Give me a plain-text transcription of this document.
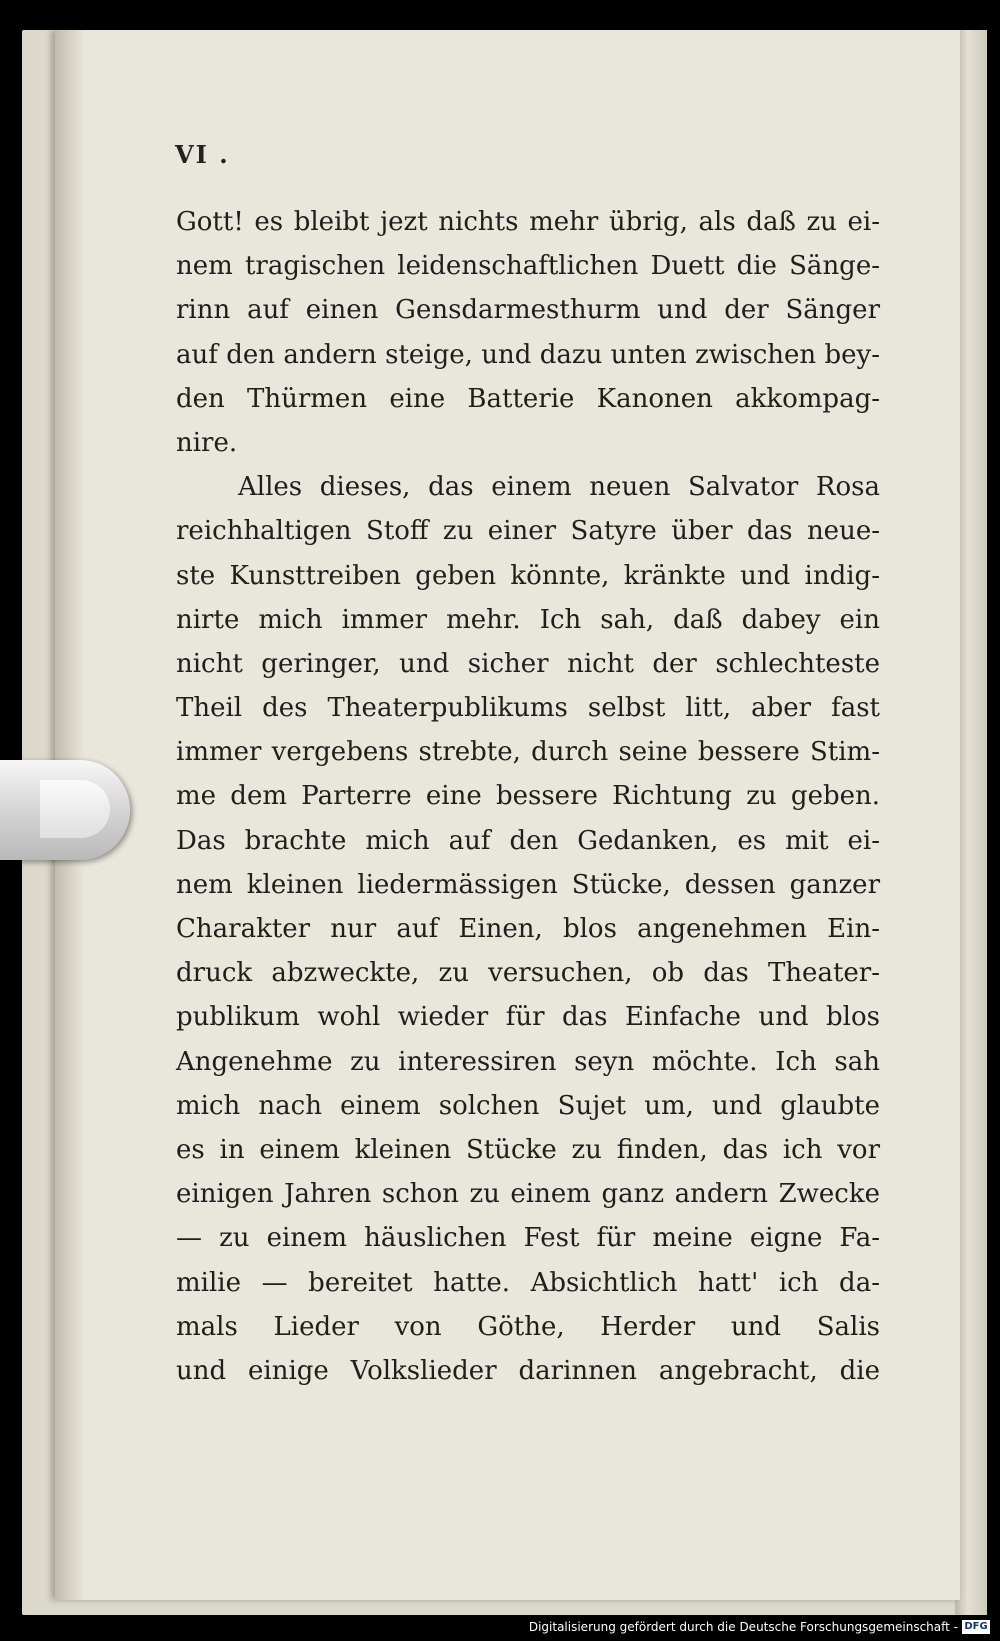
VI .
Gott! es bleibt jezt nichts mehr übrig, als daß zu ei-
nem tragischen leidenschaftlichen Duett die Sänge-
rinn auf einen Gensdarmesthurm und der Sänger
auf den andern steige, und dazu unten zwischen bey-
den Thürmen eine Batterie Kanonen akkompag-
nire.
Alles dieses, das einem neuen Salvator Rosa
reichhaltigen Stoff zu einer Satyre über das neue-
ste Kunsttreiben geben könnte, kränkte und indig-
nirte mich immer mehr. Ich sah, daß dabey ein
nicht geringer, und sicher nicht der schlechteste
Theil des Theaterpublikums selbst litt, aber fast
immer vergebens strebte, durch seine bessere Stim-
me dem Parterre eine bessere Richtung zu geben.
Das brachte mich auf den Gedanken, es mit ei-
nem kleinen liedermässigen Stücke, dessen ganzer
Charakter nur auf Einen, blos angenehmen Ein-
druck abzweckte, zu versuchen, ob das Theater-
publikum wohl wieder für das Einfache und blos
Angenehme zu interessiren seyn möchte. Ich sah
mich nach einem solchen Sujet um, und glaubte
es in einem kleinen Stücke zu finden, das ich vor
einigen Jahren schon zu einem ganz andern Zwecke
— zu einem häuslichen Fest für meine eigne Fa-
milie — bereitet hatte. Absichtlich hatt' ich da-
mals Lieder von Göthe, Herder und Salis
und einige Volkslieder darinnen angebracht, die
Digitalisierung gefördert durch die Deutsche Forschungsgemeinschaft - DFG
